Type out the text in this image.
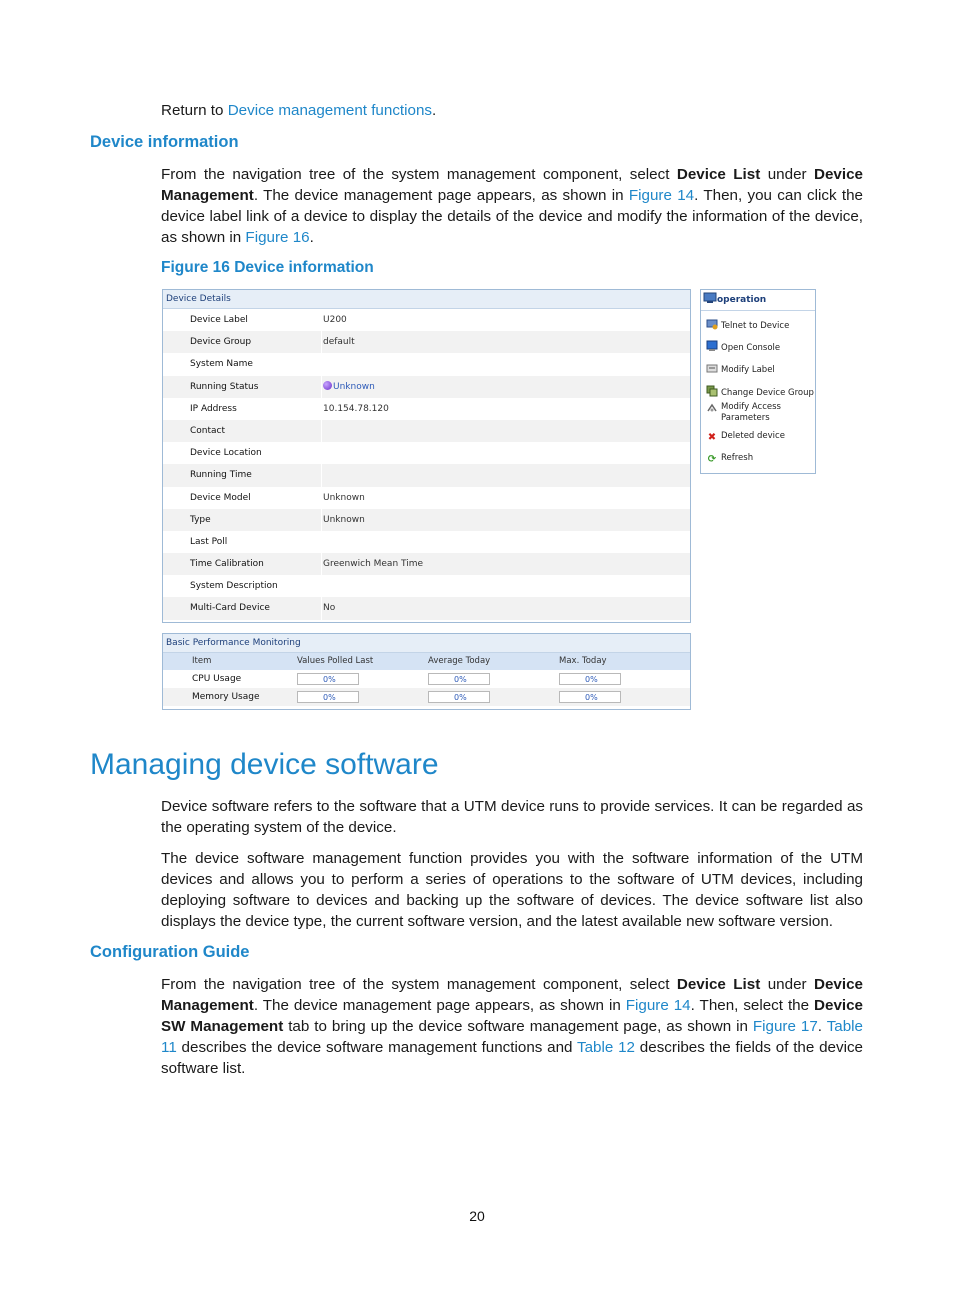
Return to Device management functions.
Device information
From the navigation tree of the system management component, select Device List under Device Management. The device management page appears, as shown in Figure 14. Then, you can click the device label link of a device to display the details of the device and modify the information of the device, as shown in Figure 16.
Figure 16 Device information
Device Details
Device Label	U200
Device Group	default
System Name
Running Status	Unknown
IP Address	10.154.78.120
Contact
Device Location
Running Time
Device Model	Unknown
Type	Unknown
Last Poll
Time Calibration	Greenwich Mean Time
System Description
Multi-Card Device	No
operation
Telnet to Device
Open Console
Modify Label
Change Device Group
Modify Access Parameters
✖ Deleted device
⟳ Refresh
Basic Performance Monitoring
Item	Values Polled Last	Average Today	Max. Today
CPU Usage	0%	0%	0%
Memory Usage	0%	0%	0%
Managing device software
Device software refers to the software that a UTM device runs to provide services. It can be regarded as the operating system of the device.
The device software management function provides you with the software information of the UTM devices and allows you to perform a series of operations to the software of UTM devices, including deploying software to devices and backing up the software of devices. The device software list also displays the device type, the current software version, and the latest available new software version.
Configuration Guide
From the navigation tree of the system management component, select Device List under Device Management. The device management page appears, as shown in Figure 14. Then, select the Device SW Management tab to bring up the device software management page, as shown in Figure 17. Table 11 describes the device software management functions and Table 12 describes the fields of the device software list.
20
